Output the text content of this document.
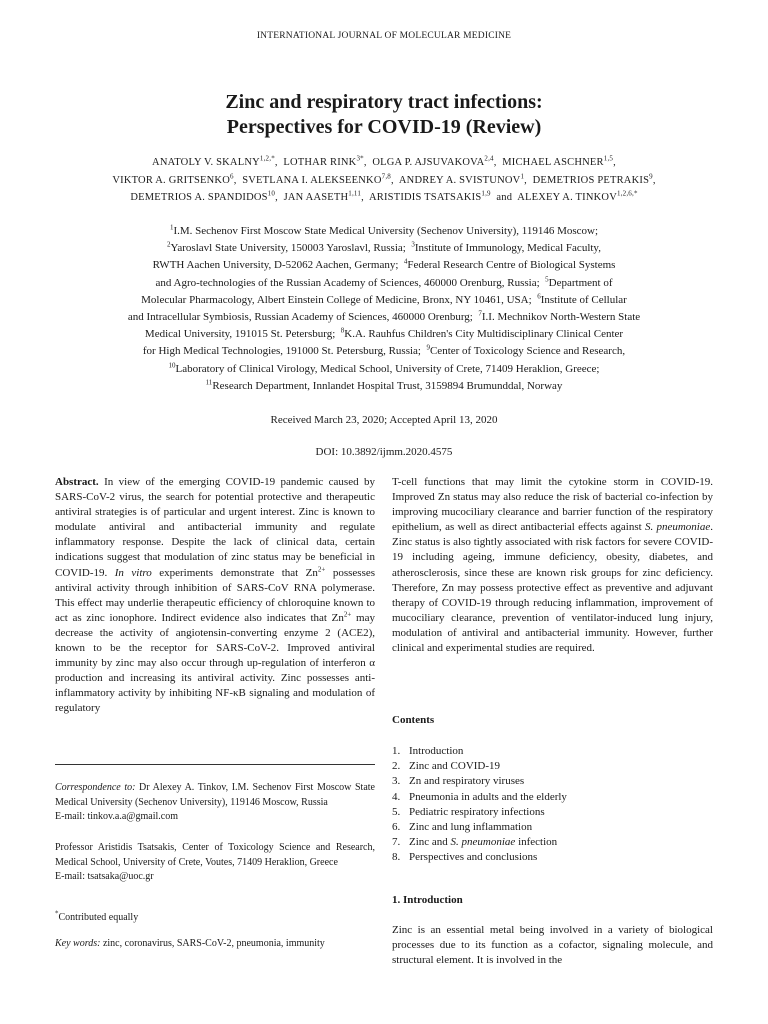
INTERNATIONAL JOURNAL OF MOLECULAR MEDICINE
Zinc and respiratory tract infections:
Perspectives for COVID-19 (Review)
ANATOLY V. $SKALNY^{1,2,*}$,  LOTHAR $RINK^{3*}$,  OLGA P. AJSUVAKOVA$^{2,4}$,  MICHAEL ASCHNER$^{1,5}$,
VIKTOR A. GRITSENKO$^6$,  SVETLANA I. ALEKSEENKO$^{7,8}$,  ANDREY A. SVISTUNOV$^1$,  DEMETRIOS PETRAKIS$^9$,
DEMETRIOS A. SPANDIDOS$^{10}$,  JAN AASETH$^{1,11}$,  ARISTIDIS TSATSAKIS$^{1,9}$ and ALEXEY A. $TINKOV^{1,2,6,*}$
$^1$I.M. Sechenov First Moscow State Medical University (Sechenov University), 119146 Moscow;
$^2$Yaroslavl State University, 150003 Yaroslavl, Russia;  $^3$Institute of Immunology, Medical Faculty,
RWTH Aachen University, D-52062 Aachen, Germany;  $^4$Federal Research Centre of Biological Systems
and Agro-technologies of the Russian Academy of Sciences, 460000 Orenburg, Russia;  $^5$Department of
Molecular Pharmacology, Albert Einstein College of Medicine, Bronx, NY 10461, USA;  $^6$Institute of Cellular
and Intracellular Symbiosis, Russian Academy of Sciences, 460000 Orenburg;  $^7$I.I. Mechnikov North-Western State
Medical University, 191015 St. Petersburg;  $^8$K.A. Rauhfus Children's City Multidisciplinary Clinical Center
for High Medical Technologies, 191000 St. Petersburg, Russia;  $^9$Center of Toxicology Science and Research,
$^{10}$Laboratory of Clinical Virology, Medical School, University of Crete, 71409 Heraklion, Greece;
$^{11}$Research Department, Innlandet Hospital Trust, 3159894 Brumunddal, Norway
Received March 23, 2020; Accepted April 13, 2020
DOI: 10.3892/ijmm.2020.4575
Abstract. In view of the emerging COVID-19 pandemic caused by SARS-CoV-2 virus, the search for potential protective and therapeutic antiviral strategies is of particular and urgent interest. Zinc is known to modulate antiviral and antibacterial immunity and regulate inflammatory response. Despite the lack of clinical data, certain indications suggest that modulation of zinc status may be beneficial in COVID-19. In vitro experiments demonstrate that $Zn^{2+}$ possesses antiviral activity through inhibition of SARS-CoV RNA polymerase. This effect may underlie therapeutic efficiency of chloroquine known to act as zinc ionophore. Indirect evidence also indicates that $Zn^{2+}$ may decrease the activity of angiotensin-converting enzyme 2 (ACE2), known to be the receptor for SARS-CoV-2. Improved antiviral immunity by zinc may also occur through up-regulation of interferon α production and increasing its antiviral activity. Zinc possesses anti-inflammatory activity by inhibiting NF-κB signaling and modulation of regulatory
T-cell functions that may limit the cytokine storm in COVID-19. Improved Zn status may also reduce the risk of bacterial co-infection by improving mucociliary clearance and barrier function of the respiratory epithelium, as well as direct antibacterial effects against S. pneumoniae. Zinc status is also tightly associated with risk factors for severe COVID-19 including ageing, immune deficiency, obesity, diabetes, and atherosclerosis, since these are known risk groups for zinc deficiency. Therefore, Zn may possess protective effect as preventive and adjuvant therapy of COVID-19 through reducing inflammation, improvement of mucociliary clearance, prevention of ventilator-induced lung injury, modulation of antiviral and antibacterial immunity. However, further clinical and experimental studies are required.
Correspondence to: Dr Alexey A. Tinkov, I.M. Sechenov First Moscow State Medical University (Sechenov University), 119146 Moscow, Russia
E-mail: tinkov.a.a@gmail.com
Professor Aristidis Tsatsakis, Center of Toxicology Science and Research, Medical School, University of Crete, Voutes, 71409 Heraklion, Greece
E-mail: tsatsaka@uoc.gr
*Contributed equally
Key words: zinc, coronavirus, SARS-CoV-2, pneumonia, immunity
Contents
1. Introduction
2. Zinc and COVID-19
3. Zn and respiratory viruses
4. Pneumonia in adults and the elderly
5. Pediatric respiratory infections
6. Zinc and lung inflammation
7. Zinc and S. pneumoniae infection
8. Perspectives and conclusions
1. Introduction
Zinc is an essential metal being involved in a variety of biological processes due to its function as a cofactor, signaling molecule, and structural element. It is involved in the
